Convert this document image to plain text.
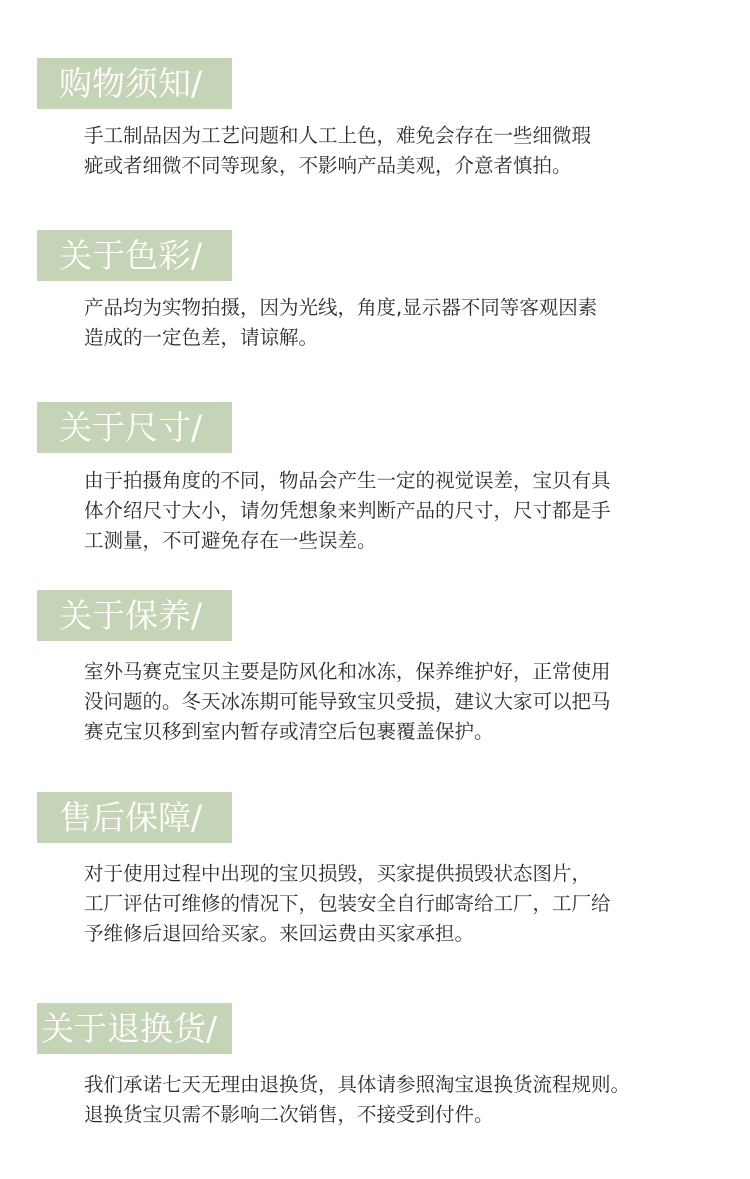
购物须知/
手工制品因为工艺问题和人工上色，难免会存在一些细微瑕
疵或者细微不同等现象，不影响产品美观，介意者慎拍。
关于色彩/
产品均为实物拍摄，因为光线，角度,显示器不同等客观因素
造成的一定色差，请谅解。
关于尺寸/
由于拍摄角度的不同，物品会产生一定的视觉误差，宝贝有具
体介绍尺寸大小，请勿凭想象来判断产品的尺寸，尺寸都是手
工测量，不可避免存在一些误差。
关于保养/
室外马赛克宝贝主要是防风化和冰冻，保养维护好，正常使用
没问题的。冬天冰冻期可能导致宝贝受损，建议大家可以把马
赛克宝贝移到室内暂存或清空后包裹覆盖保护。
售后保障/
对于使用过程中出现的宝贝损毁，买家提供损毁状态图片，
工厂评估可维修的情况下，包装安全自行邮寄给工厂，工厂给
予维修后退回给买家。来回运费由买家承担。
关于退换货/
我们承诺七天无理由退换货，具体请参照淘宝退换货流程规则。
退换货宝贝需不影响二次销售，不接受到付件。
